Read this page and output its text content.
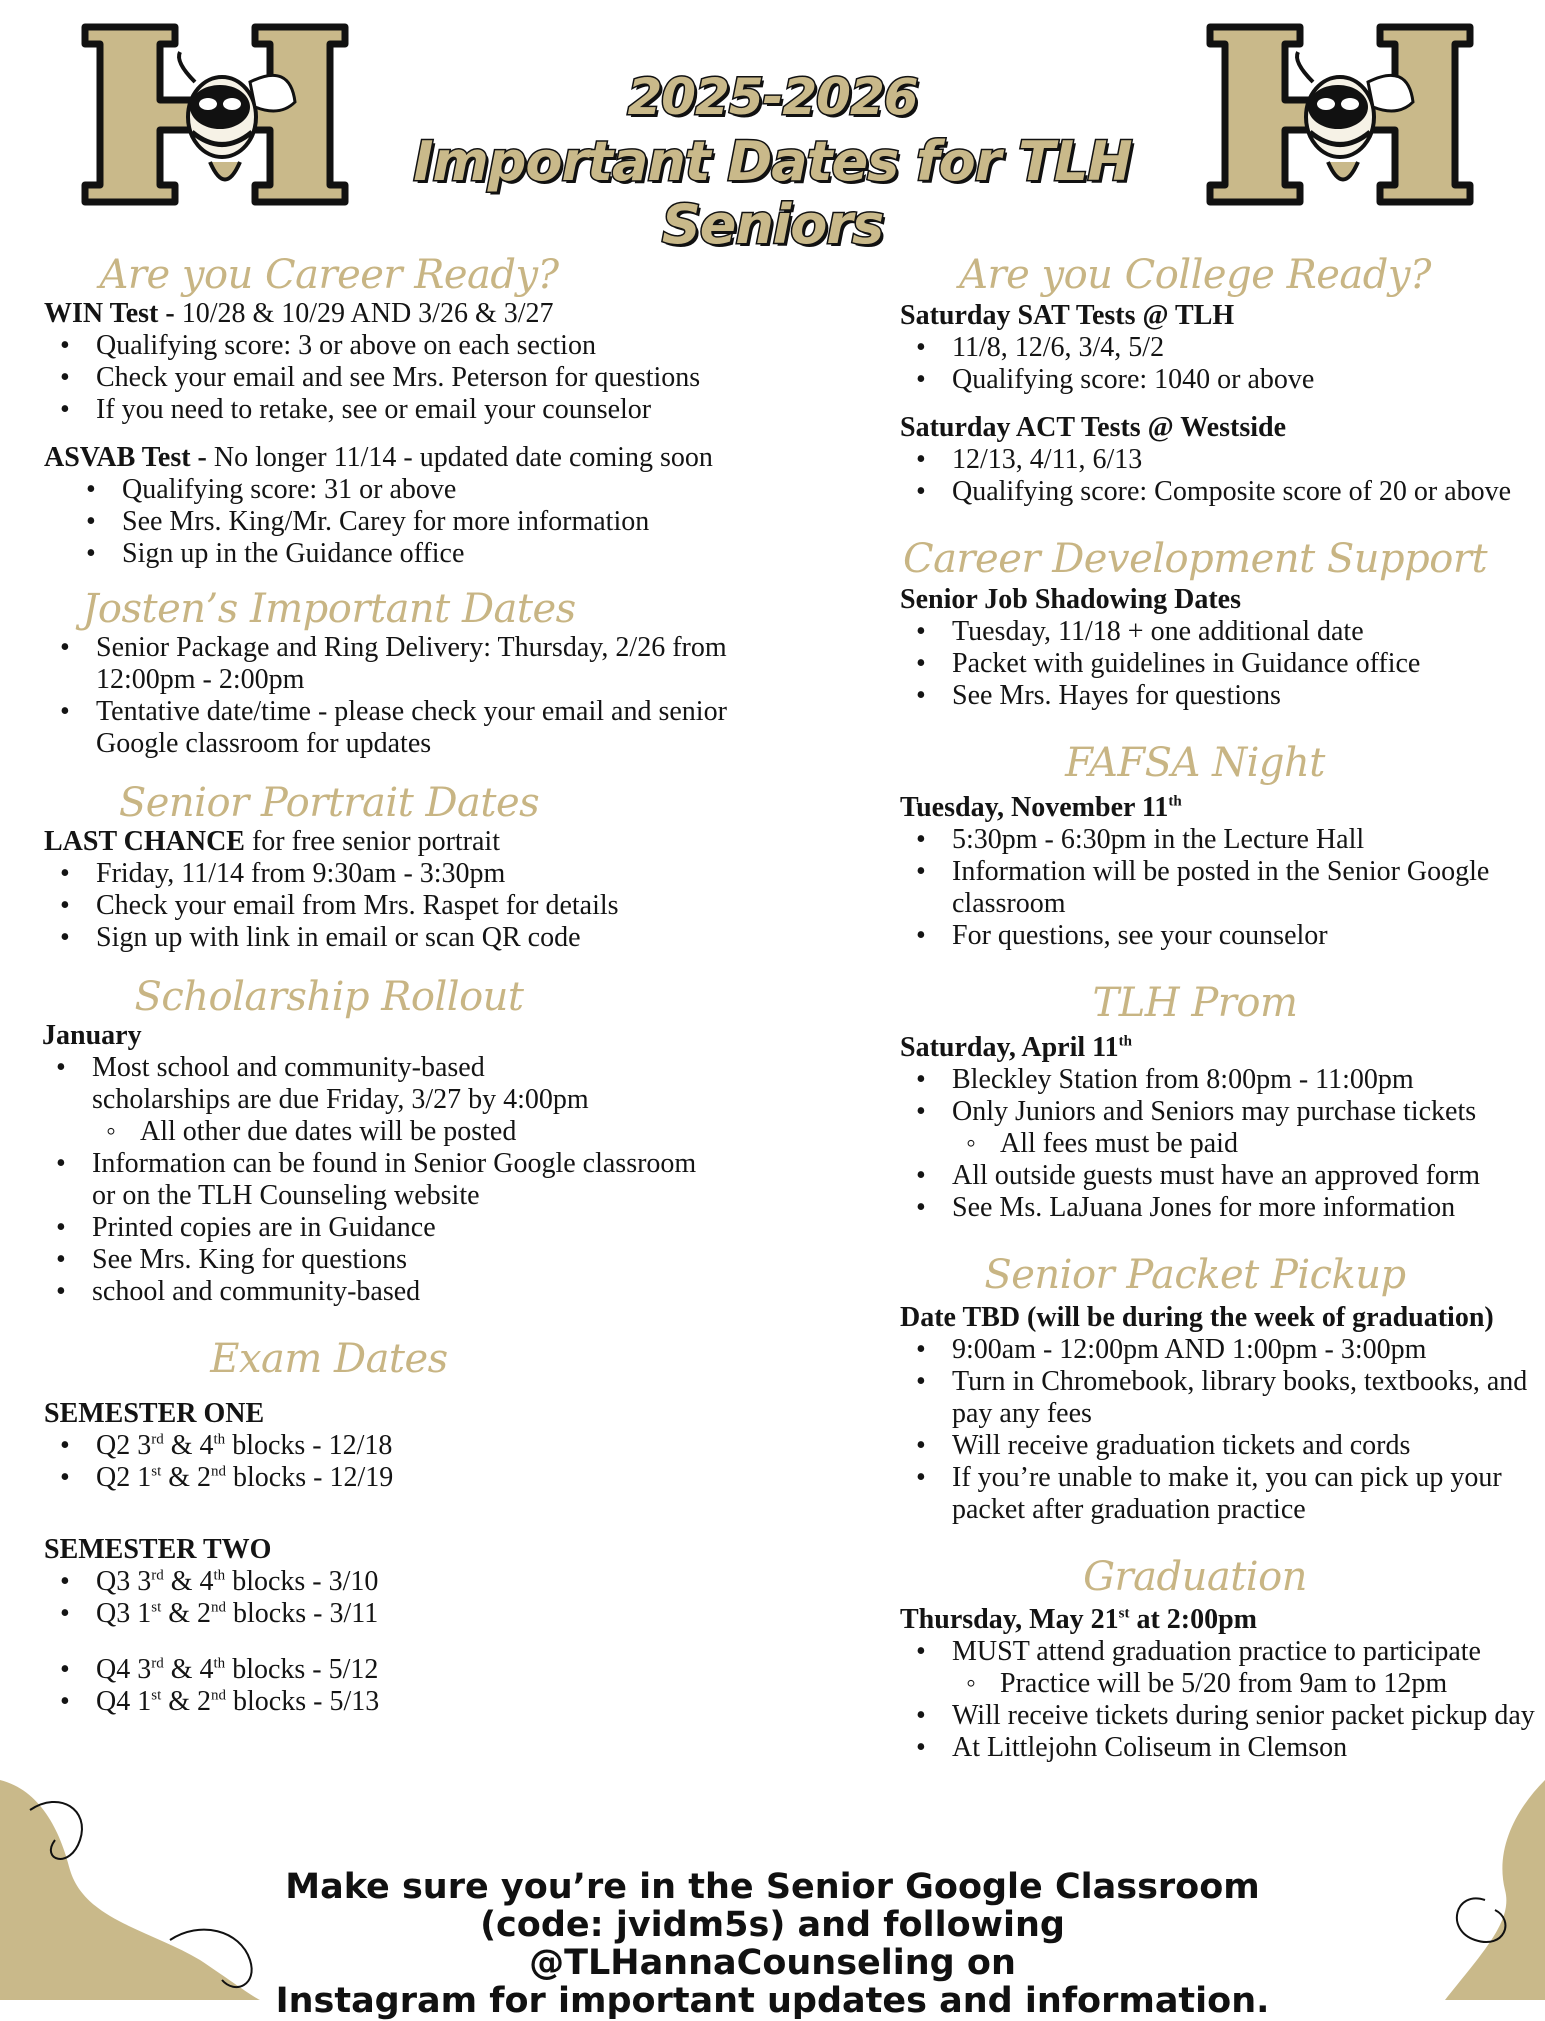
2025-2026
Important Dates for TLH Seniors
Are you Career Ready?
WIN Test - 10/28 & 10/29 AND 3/26 & 3/27
• Qualifying score: 3 or above on each section
• Check your email and see Mrs. Peterson for questions
• If you need to retake, see or email your counselor
ASVAB Test - No longer 11/14 - updated date coming soon
• Qualifying score: 31 or above
• See Mrs. King/Mr. Carey for more information
• Sign up in the Guidance office
Josten’s Important Dates
• Senior Package and Ring Delivery: Thursday, 2/26 from 12:00pm - 2:00pm
• Tentative date/time - please check your email and senior Google classroom for updates
Senior Portrait Dates
LAST CHANCE for free senior portrait
• Friday, 11/14 from 9:30am - 3:30pm
• Check your email from Mrs. Raspet for details
• Sign up with link in email or scan QR code
Scholarship Rollout
January
• Most school and community-based scholarships are due Friday, 3/27 by 4:00pm
◦ All other due dates will be posted
• Information can be found in Senior Google classroom or on the TLH Counseling website
• Printed copies are in Guidance
• See Mrs. King for questions
• school and community-based
Exam Dates
SEMESTER ONE
• Q2 3rd & 4th blocks - 12/18
• Q2 1st & 2nd blocks - 12/19
SEMESTER TWO
• Q3 3rd & 4th blocks - 3/10
• Q3 1st & 2nd blocks - 3/11
• Q4 3rd & 4th blocks - 5/12
• Q4 1st & 2nd blocks - 5/13
Are you College Ready?
Saturday SAT Tests @ TLH
• 11/8, 12/6, 3/4, 5/2
• Qualifying score: 1040 or above
Saturday ACT Tests @ Westside
• 12/13, 4/11, 6/13
• Qualifying score: Composite score of 20 or above
Career Development Support
Senior Job Shadowing Dates
• Tuesday, 11/18 + one additional date
• Packet with guidelines in Guidance office
• See Mrs. Hayes for questions
FAFSA Night
Tuesday, November 11th
• 5:30pm - 6:30pm in the Lecture Hall
• Information will be posted in the Senior Google classroom
• For questions, see your counselor
TLH Prom
Saturday, April 11th
• Bleckley Station from 8:00pm - 11:00pm
• Only Juniors and Seniors may purchase tickets
◦ All fees must be paid
• All outside guests must have an approved form
• See Ms. LaJuana Jones for more information
Senior Packet Pickup
Date TBD (will be during the week of graduation)
• 9:00am - 12:00pm AND 1:00pm - 3:00pm
• Turn in Chromebook, library books, textbooks, and pay any fees
• Will receive graduation tickets and cords
• If you’re unable to make it, you can pick up your packet after graduation practice
Graduation
Thursday, May 21st at 2:00pm
• MUST attend graduation practice to participate
◦ Practice will be 5/20 from 9am to 12pm
• Will receive tickets during senior packet pickup day
• At Littlejohn Coliseum in Clemson
Make sure you’re in the Senior Google Classroom
(code: jvidm5s) and following @TLHannaCounseling on
Instagram for important updates and information.
